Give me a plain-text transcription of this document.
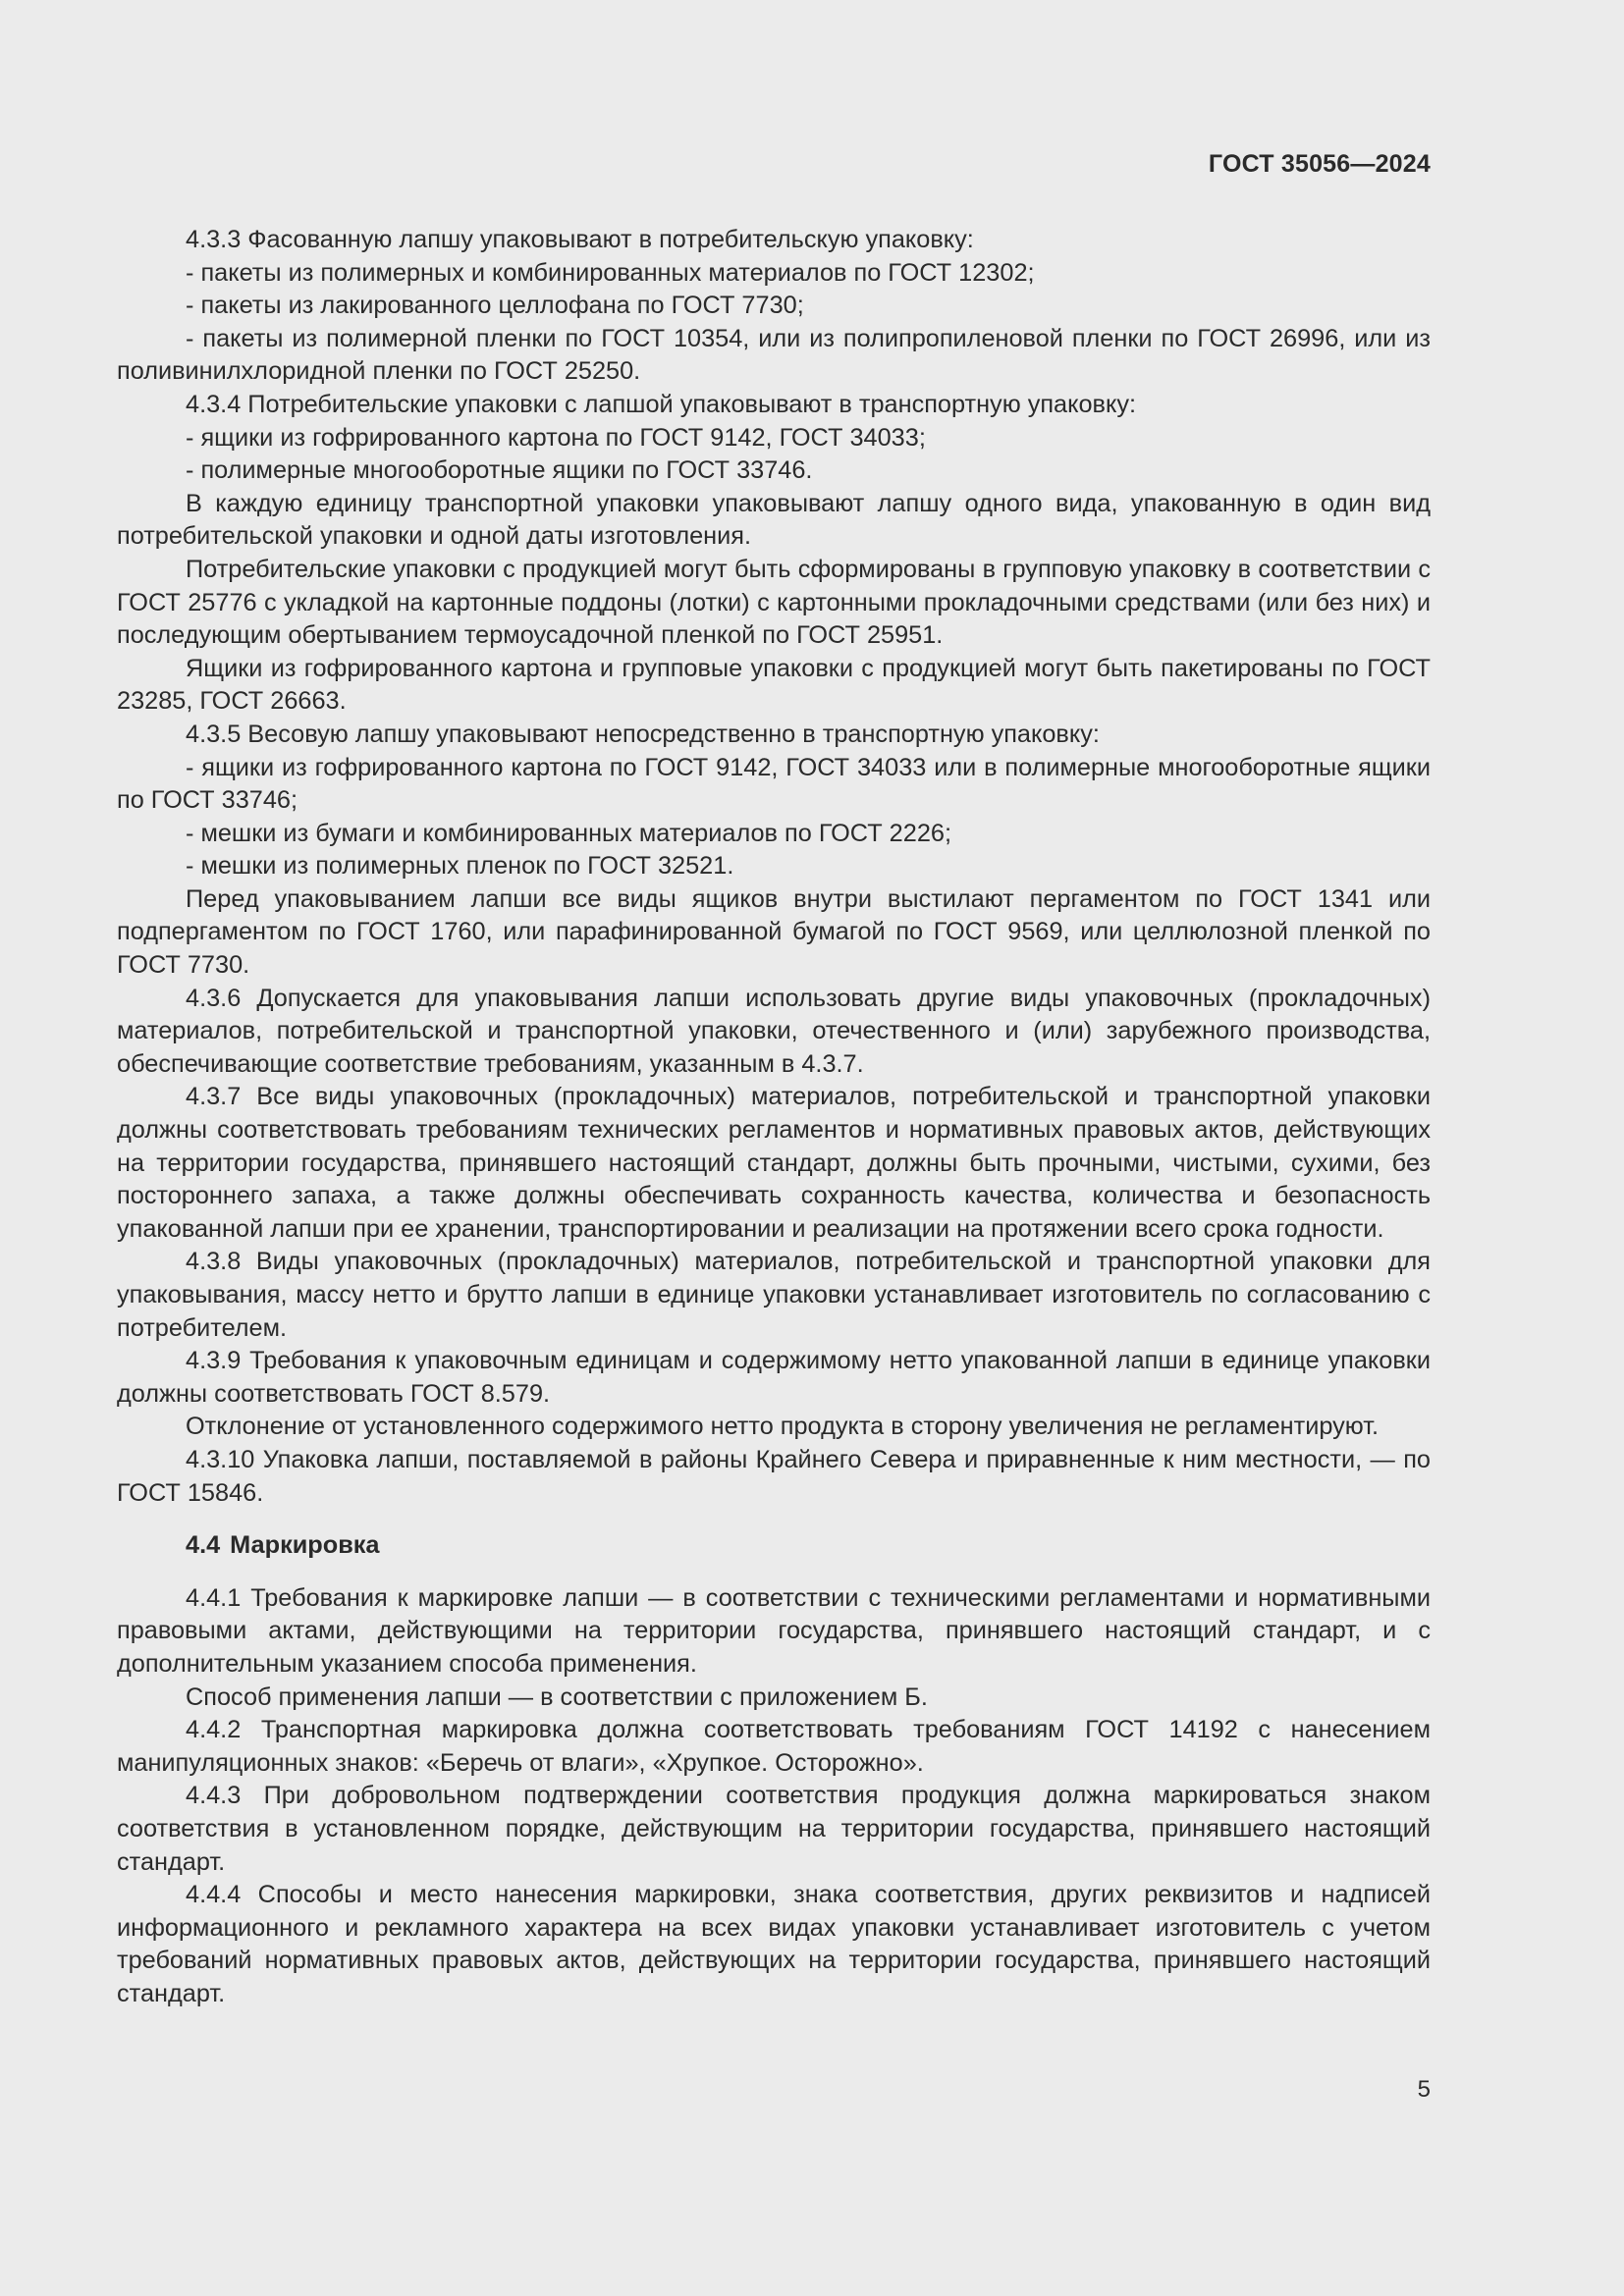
ГОСТ 35056—2024

4.3.3 Фасованную лапшу упаковывают в потребительскую упаковку:

- пакеты из полимерных и комбинированных материалов по ГОСТ 12302;

- пакеты из лакированного целлофана по ГОСТ 7730;

- пакеты из полимерной пленки по ГОСТ 10354, или из полипропиленовой пленки по ГОСТ 26996, или из поливинилхлоридной пленки по ГОСТ 25250.

4.3.4 Потребительские упаковки с лапшой упаковывают в транспортную упаковку:

- ящики из гофрированного картона по ГОСТ 9142, ГОСТ 34033;

- полимерные многооборотные ящики по ГОСТ 33746.

В каждую единицу транспортной упаковки упаковывают лапшу одного вида, упакованную в один вид потребительской упаковки и одной даты изготовления.

Потребительские упаковки с продукцией могут быть сформированы в групповую упаковку в соответствии с ГОСТ 25776 с укладкой на картонные поддоны (лотки) с картонными прокладочными средствами (или без них) и последующим обертыванием термоусадочной пленкой по ГОСТ 25951.

Ящики из гофрированного картона и групповые упаковки с продукцией могут быть пакетированы по ГОСТ 23285, ГОСТ 26663.

4.3.5 Весовую лапшу упаковывают непосредственно в транспортную упаковку:

- ящики из гофрированного картона по ГОСТ 9142, ГОСТ 34033 или в полимерные многооборотные ящики по ГОСТ 33746;

- мешки из бумаги и комбинированных материалов по ГОСТ 2226;

- мешки из полимерных пленок по ГОСТ 32521.

Перед упаковыванием лапши все виды ящиков внутри выстилают пергаментом по ГОСТ 1341 или подпергаментом по ГОСТ 1760, или парафинированной бумагой по ГОСТ 9569, или целлюлозной пленкой по ГОСТ 7730.

4.3.6 Допускается для упаковывания лапши использовать другие виды упаковочных (прокладочных) материалов, потребительской и транспортной упаковки, отечественного и (или) зарубежного производства, обеспечивающие соответствие требованиям, указанным в 4.3.7.

4.3.7 Все виды упаковочных (прокладочных) материалов, потребительской и транспортной упаковки должны соответствовать требованиям технических регламентов и нормативных правовых актов, действующих на территории государства, принявшего настоящий стандарт, должны быть прочными, чистыми, сухими, без постороннего запаха, а также должны обеспечивать сохранность качества, количества и безопасность упакованной лапши при ее хранении, транспортировании и реализации на протяжении всего срока годности.

4.3.8 Виды упаковочных (прокладочных) материалов, потребительской и транспортной упаковки для упаковывания, массу нетто и брутто лапши в единице упаковки устанавливает изготовитель по согласованию с потребителем.

4.3.9 Требования к упаковочным единицам и содержимому нетто упакованной лапши в единице упаковки должны соответствовать ГОСТ 8.579.

Отклонение от установленного содержимого нетто продукта в сторону увеличения не регламентируют.

4.3.10 Упаковка лапши, поставляемой в районы Крайнего Севера и приравненные к ним местности, — по ГОСТ 15846.

4.4 Маркировка

4.4.1 Требования к маркировке лапши — в соответствии с техническими регламентами и нормативными правовыми актами, действующими на территории государства, принявшего настоящий стандарт, и с дополнительным указанием способа применения.

Способ применения лапши — в соответствии с приложением Б.

4.4.2 Транспортная маркировка должна соответствовать требованиям ГОСТ 14192 с нанесением манипуляционных знаков: «Беречь от влаги», «Хрупкое. Осторожно».

4.4.3 При добровольном подтверждении соответствия продукция должна маркироваться знаком соответствия в установленном порядке, действующим на территории государства, принявшего настоящий стандарт.

4.4.4 Способы и место нанесения маркировки, знака соответствия, других реквизитов и надписей информационного и рекламного характера на всех видах упаковки устанавливает изготовитель с учетом требований нормативных правовых актов, действующих на территории государства, принявшего настоящий стандарт.

5
